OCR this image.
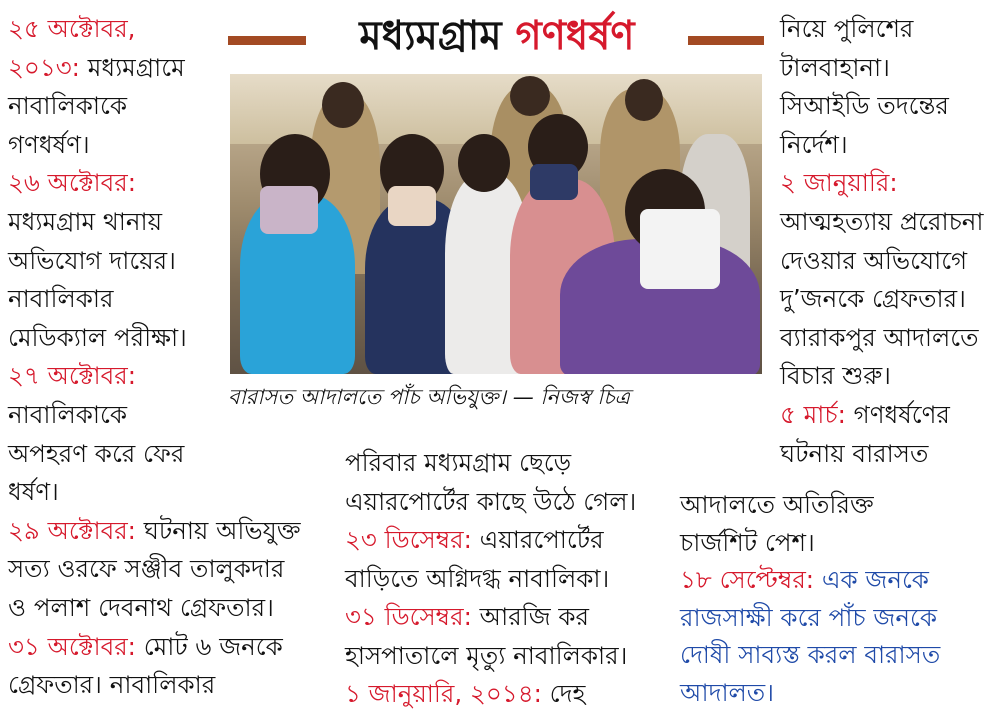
মধ্যমগ্রাম গণধর্ষণ
বারাসত আদালতে পাঁচ অভিযুক্ত। — নিজস্ব চিত্র
২৫ অক্টোবর,
২০১৩: মধ্যমগ্রামে
নাবালিকাকে
গণধর্ষণ।
২৬ অক্টোবর:
মধ্যমগ্রাম থানায়
অভিযোগ দায়ের।
নাবালিকার
মেডিক্যাল পরীক্ষা।
২৭ অক্টোবর:
নাবালিকাকে
অপহরণ করে ফের
ধর্ষণ।
২৯ অক্টোবর: ঘটনায় অভিযুক্ত
সত্য ওরফে সঞ্জীব তালুকদার
ও পলাশ দেবনাথ গ্রেফতার।
৩১ অক্টোবর: মোট ৬ জনকে
গ্রেফতার। নাবালিকার
পরিবার মধ্যমগ্রাম ছেড়ে
এয়ারপোর্টের কাছে উঠে গেল।
২৩ ডিসেম্বর: এয়ারপোর্টের
বাড়িতে অগ্নিদগ্ধ নাবালিকা।
৩১ ডিসেম্বর: আরজি কর
হাসপাতালে মৃত্যু নাবালিকার।
১ জানুয়ারি, ২০১৪: দেহ
নিয়ে পুলিশের
টালবাহানা।
সিআইডি তদন্তের
নির্দেশ।
২ জানুয়ারি:
আত্মহত্যায় প্ররোচনা
দেওয়ার অভিযোগে
দু’জনকে গ্রেফতার।
ব্যারাকপুর আদালতে
বিচার শুরু।
৫ মার্চ: গণধর্ষণের
ঘটনায় বারাসত
আদালতে অতিরিক্ত
চার্জশিট পেশ।
১৮ সেপ্টেম্বর: এক জনকে
রাজসাক্ষী করে পাঁচ জনকে
দোষী সাব্যস্ত করল বারাসত
আদালত।
